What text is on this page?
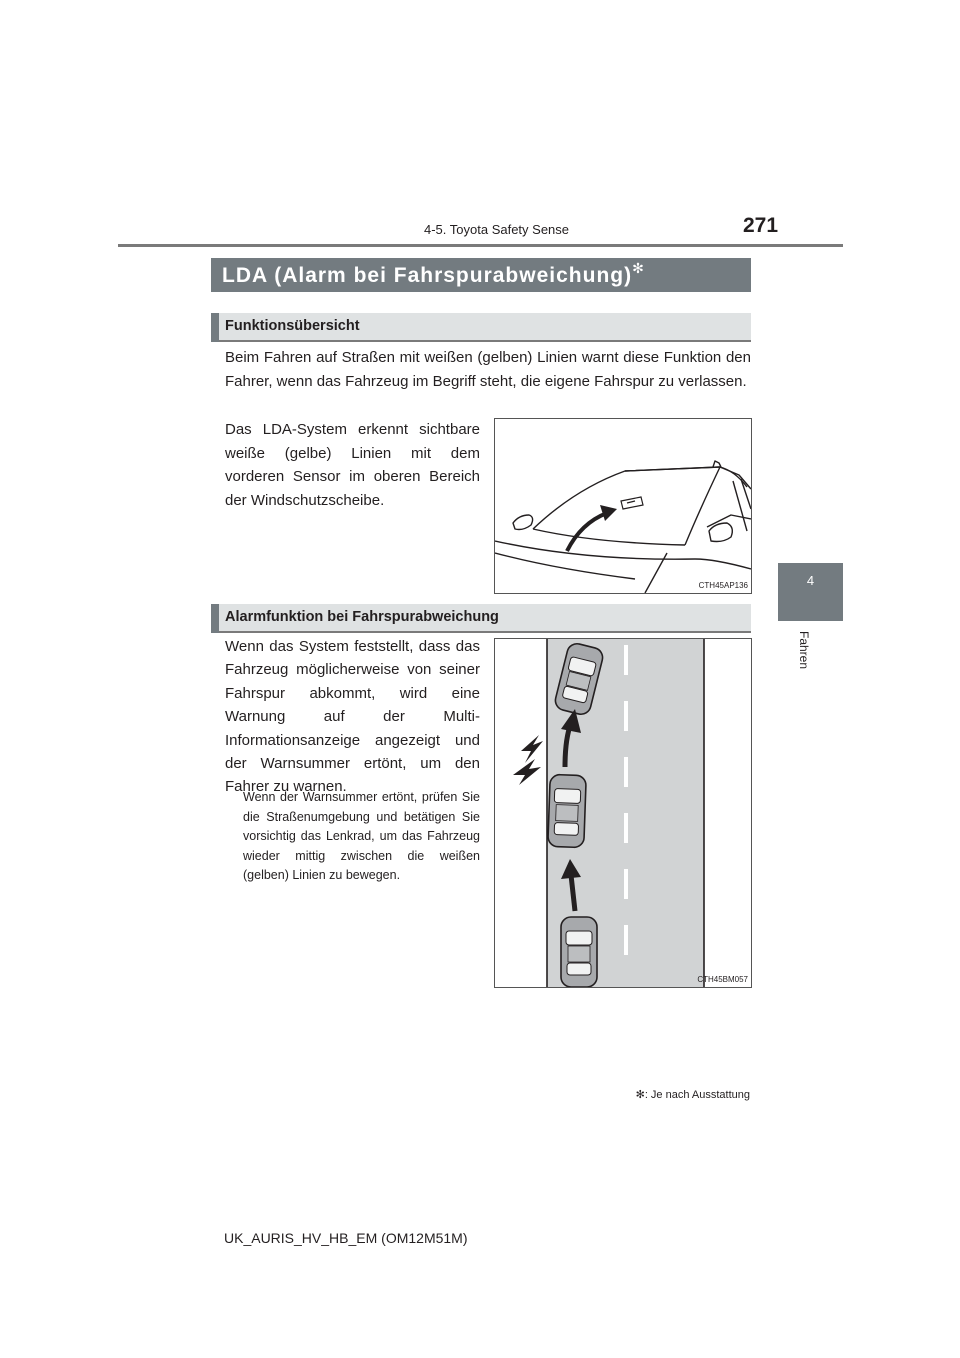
4-5. Toyota Safety Sense	271
4
Fahren
LDA (Alarm bei Fahrspurabweichung)✻
Funktionsübersicht
Beim Fahren auf Straßen mit weißen (gelben) Linien warnt diese Funktion den Fahrer, wenn das Fahrzeug im Begriff steht, die eigene Fahrspur zu verlassen.
Das LDA-System erkennt sichtbare weiße (gelbe) Linien mit dem vorderen Sensor im oberen Bereich der Windschutzscheibe.
CTH45AP136
Alarmfunktion bei Fahrspurabweichung
Wenn das System feststellt, dass das Fahrzeug möglicherweise von seiner Fahrspur abkommt, wird eine Warnung auf der Multi-Informationsanzeige angezeigt und der Warnsummer ertönt, um den Fahrer zu warnen.
Wenn der Warnsummer ertönt, prüfen Sie die Straßenumgebung und betätigen Sie vorsichtig das Lenkrad, um das Fahrzeug wieder mittig zwischen die weißen (gelben) Linien zu bewegen.
CTH45BM057
✻: Je nach Ausstattung
UK_AURIS_HV_HB_EM (OM12M51M)
